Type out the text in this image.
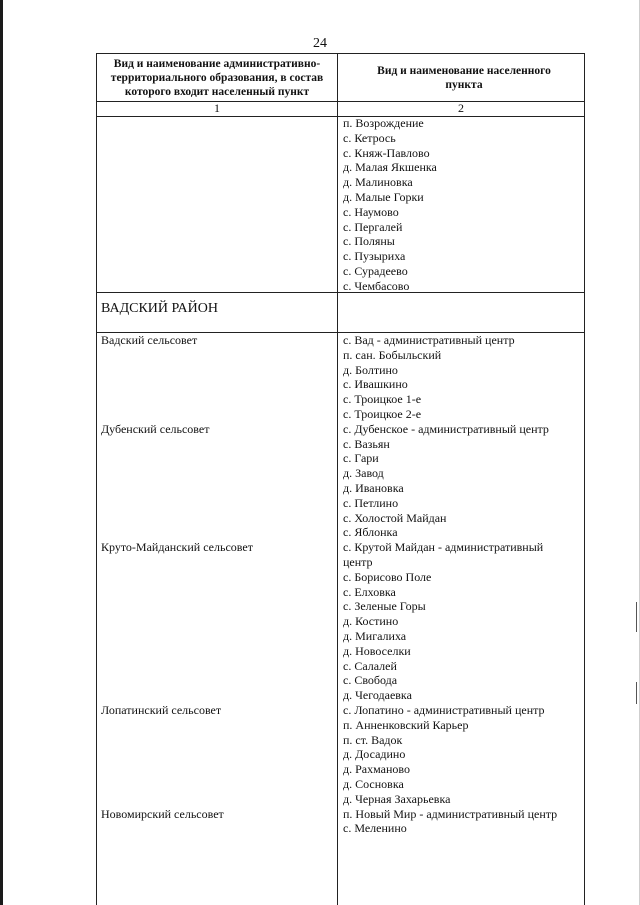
24
Вид и наименование административно-территориального образования, в состав которого входит населенный пункт
Вид и наименование населенного пункта
1	2
п. Возрождение
с. Кетрось
с. Княж-Павлово
д. Малая Якшенка
д. Малиновка
д. Малые Горки
с. Наумово
с. Пергалей
с. Поляны
с. Пузыриха
с. Сурадеево
с. Чембасово
ВАДСКИЙ РАЙОН
Вадский сельсовет	с. Вад - административный центр
п. сан. Бобыльский
д. Болтино
с. Ивашкино
с. Троицкое 1-е
с. Троицкое 2-е
Дубенский сельсовет	с. Дубенское - административный центр
с. Вазьян
с. Гари
д. Завод
д. Ивановка
с. Петлино
с. Холостой Майдан
с. Яблонка
Круто-Майданский сельсовет	с. Крутой Майдан - административный
центр
с. Борисово Поле
с. Елховка
с. Зеленые Горы
д. Костино
д. Мигалиха
д. Новоселки
с. Салалей
с. Свобода
д. Чегодаевка
Лопатинский сельсовет	с. Лопатино - административный центр
п. Анненковский Карьер
п. ст. Вадок
д. Досадино
д. Рахманово
д. Сосновка
д. Черная Захарьевка
Новомирский сельсовет	п. Новый Мир - административный центр
с. Меленино
